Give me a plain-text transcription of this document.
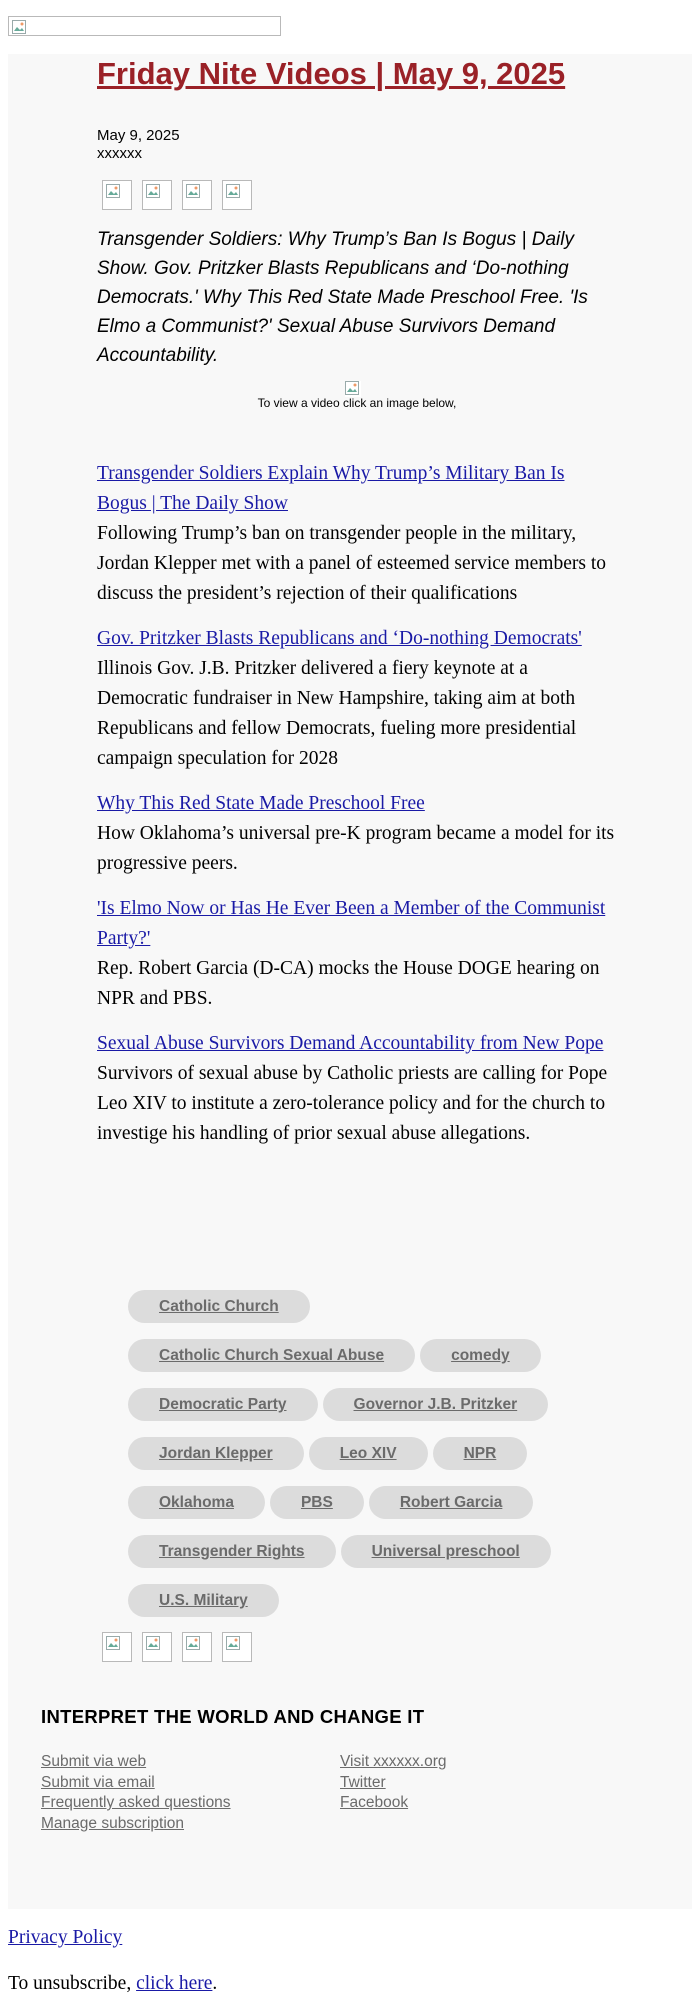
Friday Nite Videos | May 9, 2025
May 9, 2025
xxxxxx
Transgender Soldiers: Why Trump’s Ban Is Bogus | Daily Show. Gov. Pritzker Blasts Republicans and ‘Do-nothing Democrats.' Why This Red State Made Preschool Free. 'Is Elmo a Communist?' Sexual Abuse Survivors Demand Accountability.
To view a video click an image below,
Transgender Soldiers Explain Why Trump’s Military Ban Is Bogus | The Daily Show

Following Trump’s ban on transgender people in the military, Jordan Klepper met with a panel of esteemed service members to discuss the president’s rejection of their qualifications

Gov. Pritzker Blasts Republicans and ‘Do-nothing Democrats'

Illinois Gov. J.B. Pritzker delivered a fiery keynote at a Democratic fundraiser in New Hampshire, taking aim at both Republicans and fellow Democrats, fueling more presidential campaign speculation for 2028

Why This Red State Made Preschool Free

How Oklahoma’s universal pre-K program became a model for its progressive peers.

'Is Elmo Now or Has He Ever Been a Member of the Communist Party?'

Rep. Robert Garcia (D-CA) mocks the House DOGE hearing on NPR and PBS.

Sexual Abuse Survivors Demand Accountability from New Pope

Survivors of sexual abuse by Catholic priests are calling for Pope Leo XIV to institute a zero-tolerance policy and for the church to investige his handling of prior sexual abuse allegations.

Catholic Church
Catholic Church Sexual Abuse	comedy
Democratic Party	Governor J.B. Pritzker
Jordan Klepper	Leo XIV	NPR
Oklahoma	PBS	Robert Garcia
Transgender Rights	Universal preschool
U.S. Military
INTERPRET THE WORLD AND CHANGE IT
Submit via web
Submit via email
Frequently asked questions
Manage subscription
Visit xxxxxx.org
Twitter
Facebook
Privacy Policy
To unsubscribe, click here.
